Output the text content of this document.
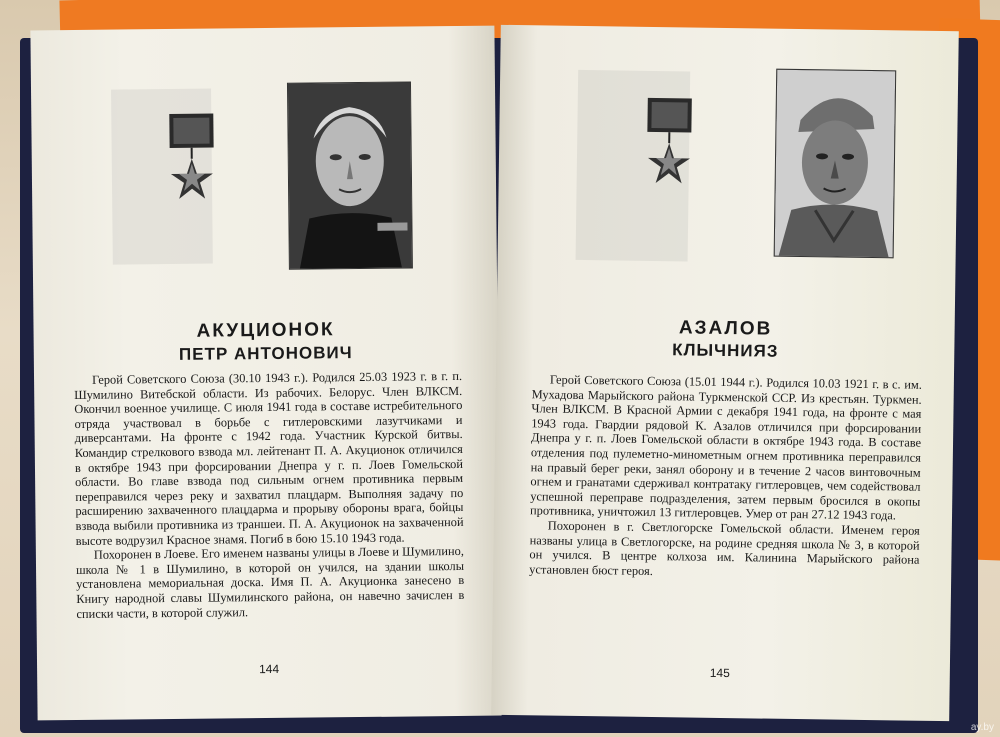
АКУЦИОНОК
ПЕТР АНТОНОВИЧ

Герой Советского Союза (30.10 1943 г.). Родился 25.03 1923 г. в г. п. Шумилино Витебской области. Из рабочих. Белорус. Член ВЛКСМ. Окончил военное училище. С июля 1941 года в составе истребительного отряда участвовал в борьбе с гитлеровскими лазутчиками и диверсантами. На фронте с 1942 года. Участник Курской битвы. Командир стрелкового взвода мл. лейтенант П. А. Акуционок отличился в октябре 1943 при форсировании Днепра у г. п. Лоев Гомельской области. Во главе взвода под сильным огнем противника первым переправился через реку и захватил плацдарм. Выполняя задачу по расширению захваченного плацдарма и прорыву обороны врага, бойцы взвода выбили противника из траншеи. П. А. Акуционок на захваченной высоте водрузил Красное знамя. Погиб в бою 15.10 1943 года.

Похоронен в Лоеве. Его именем названы улицы в Лоеве и Шумилино, школа № 1 в Шумилино, в которой он учился, на здании школы установлена мемориальная доска. Имя П. А. Акуционка занесено в Книгу народной славы Шумилинского района, он навечно зачислен в списки части, в которой служил.

144
АЗАЛОВ
КЛЫЧНИЯЗ

Герой Советского Союза (15.01 1944 г.). Родился 10.03 1921 г. в с. им. Мухадова Марыйского района Туркменской ССР. Из крестьян. Туркмен. Член ВЛКСМ. В Красной Армии с декабря 1941 года, на фронте с мая 1943 года. Гвардии рядовой К. Азалов отличился при форсировании Днепра у г. п. Лоев Гомельской области в октябре 1943 года. В составе отделения под пулеметно-минометным огнем противника переправился на правый берег реки, занял оборону и в течение 2 часов винтовочным огнем и гранатами сдерживал контратаку гитлеровцев, чем содействовал успешной переправе подразделения, затем первым бросился в окопы противника, уничтожил 13 гитлеровцев. Умер от ран 27.12 1943 года.

Похоронен в г. Светлогорске Гомельской области. Именем героя названы улица в Светлогорске, на родине средняя школа № 3, в которой он учился. В центре колхоза им. Калинина Марыйского района установлен бюст героя.

145
ay.by
